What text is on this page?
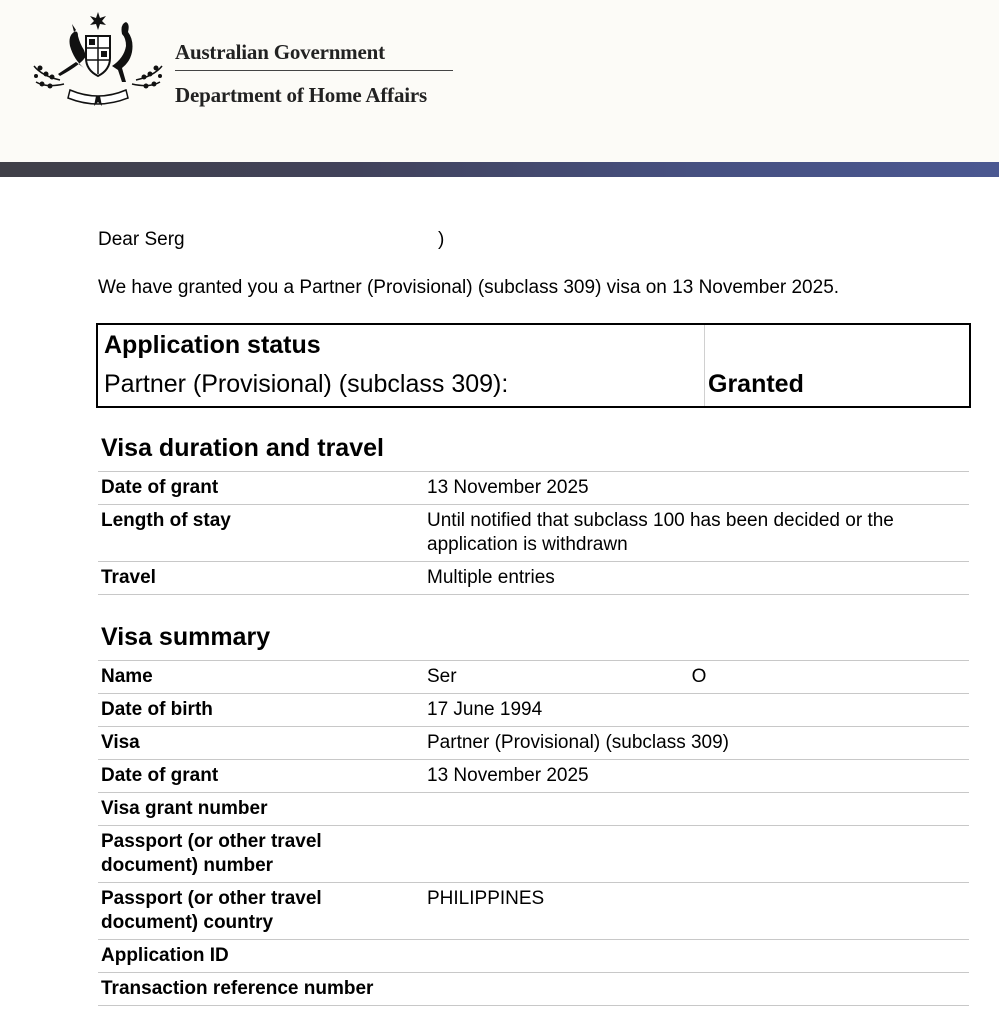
Australian Government
Department of Home Affairs
Dear Serg	)
We have granted you a Partner (Provisional) (subclass 309) visa on 13 November 2025.
Application status
Partner (Provisional) (subclass 309):	Granted
Visa duration and travel
Date of grant	13 November 2025
Length of stay	Until notified that subclass 100 has been decided or the application is withdrawn
Travel	Multiple entries
Visa summary
Name	Ser O
Date of birth	17 June 1994
Visa	Partner (Provisional) (subclass 309)
Date of grant	13 November 2025
Visa grant number	
Passport (or other travel document) number	
Passport (or other travel document) country	PHILIPPINES
Application ID	
Transaction reference number	
